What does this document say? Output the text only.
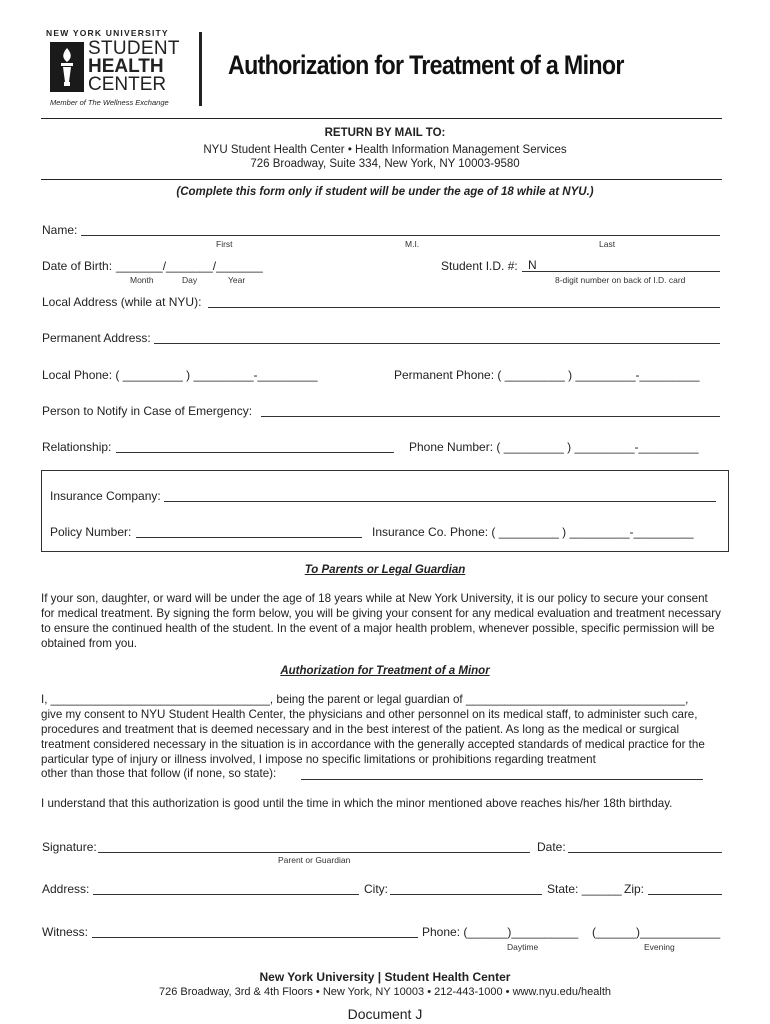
NEW YORK UNIVERSITY
STUDENT
HEALTH
CENTER
Member of The Wellness Exchange
Authorization for Treatment of a Minor
RETURN BY MAIL TO:
NYU Student Health Center • Health Information Management Services
726 Broadway, Suite 334, New York, NY 10003-9580
(Complete this form only if student will be under the age of 18 while at NYU.)
Name:
First	M.I.	Last
Date of Birth: _______/_______/_______
Month	Day	Year
Student I.D. #: N
8-digit number on back of I.D. card
Local Address (while at NYU):
Permanent Address:
Local Phone: ( _________ ) _________-_________	Permanent Phone: ( _________ ) _________-_________
Person to Notify in Case of Emergency:
Relationship:	Phone Number: ( _________ ) _________-_________
Insurance Company:
Policy Number:	Insurance Co. Phone: ( _________ ) _________-_________
To Parents or Legal Guardian
If your son, daughter, or ward will be under the age of 18 years while at New York University, it is our policy to secure your consent for medical treatment. By signing the form below, you will be giving your consent for any medical evaluation and treatment necessary to ensure the continued health of the student. In the event of a major health problem, whenever possible, specific permission will be obtained from you.
Authorization for Treatment of a Minor
I, __________________________________, being the parent or legal guardian of __________________________________,
give my consent to NYU Student Health Center, the physicians and other personnel on its medical staff, to administer such care, procedures and treatment that is deemed necessary and in the best interest of the patient. As long as the medical or surgical treatment considered necessary in the situation is in accordance with the generally accepted standards of medical practice for the particular type of injury or illness involved, I impose no specific limitations or prohibitions regarding treatment
other than those that follow (if none, so state):
I understand that this authorization is good until the time in which the minor mentioned above reaches his/her 18th birthday.
Signature:
Parent or Guardian
Date:
Address:	City:	State: ______ Zip:
Witness:	Phone: (______)__________ (______)____________
Daytime	Evening
New York University | Student Health Center
726 Broadway, 3rd & 4th Floors • New York, NY 10003 • 212-443-1000 • www.nyu.edu/health
Document J
